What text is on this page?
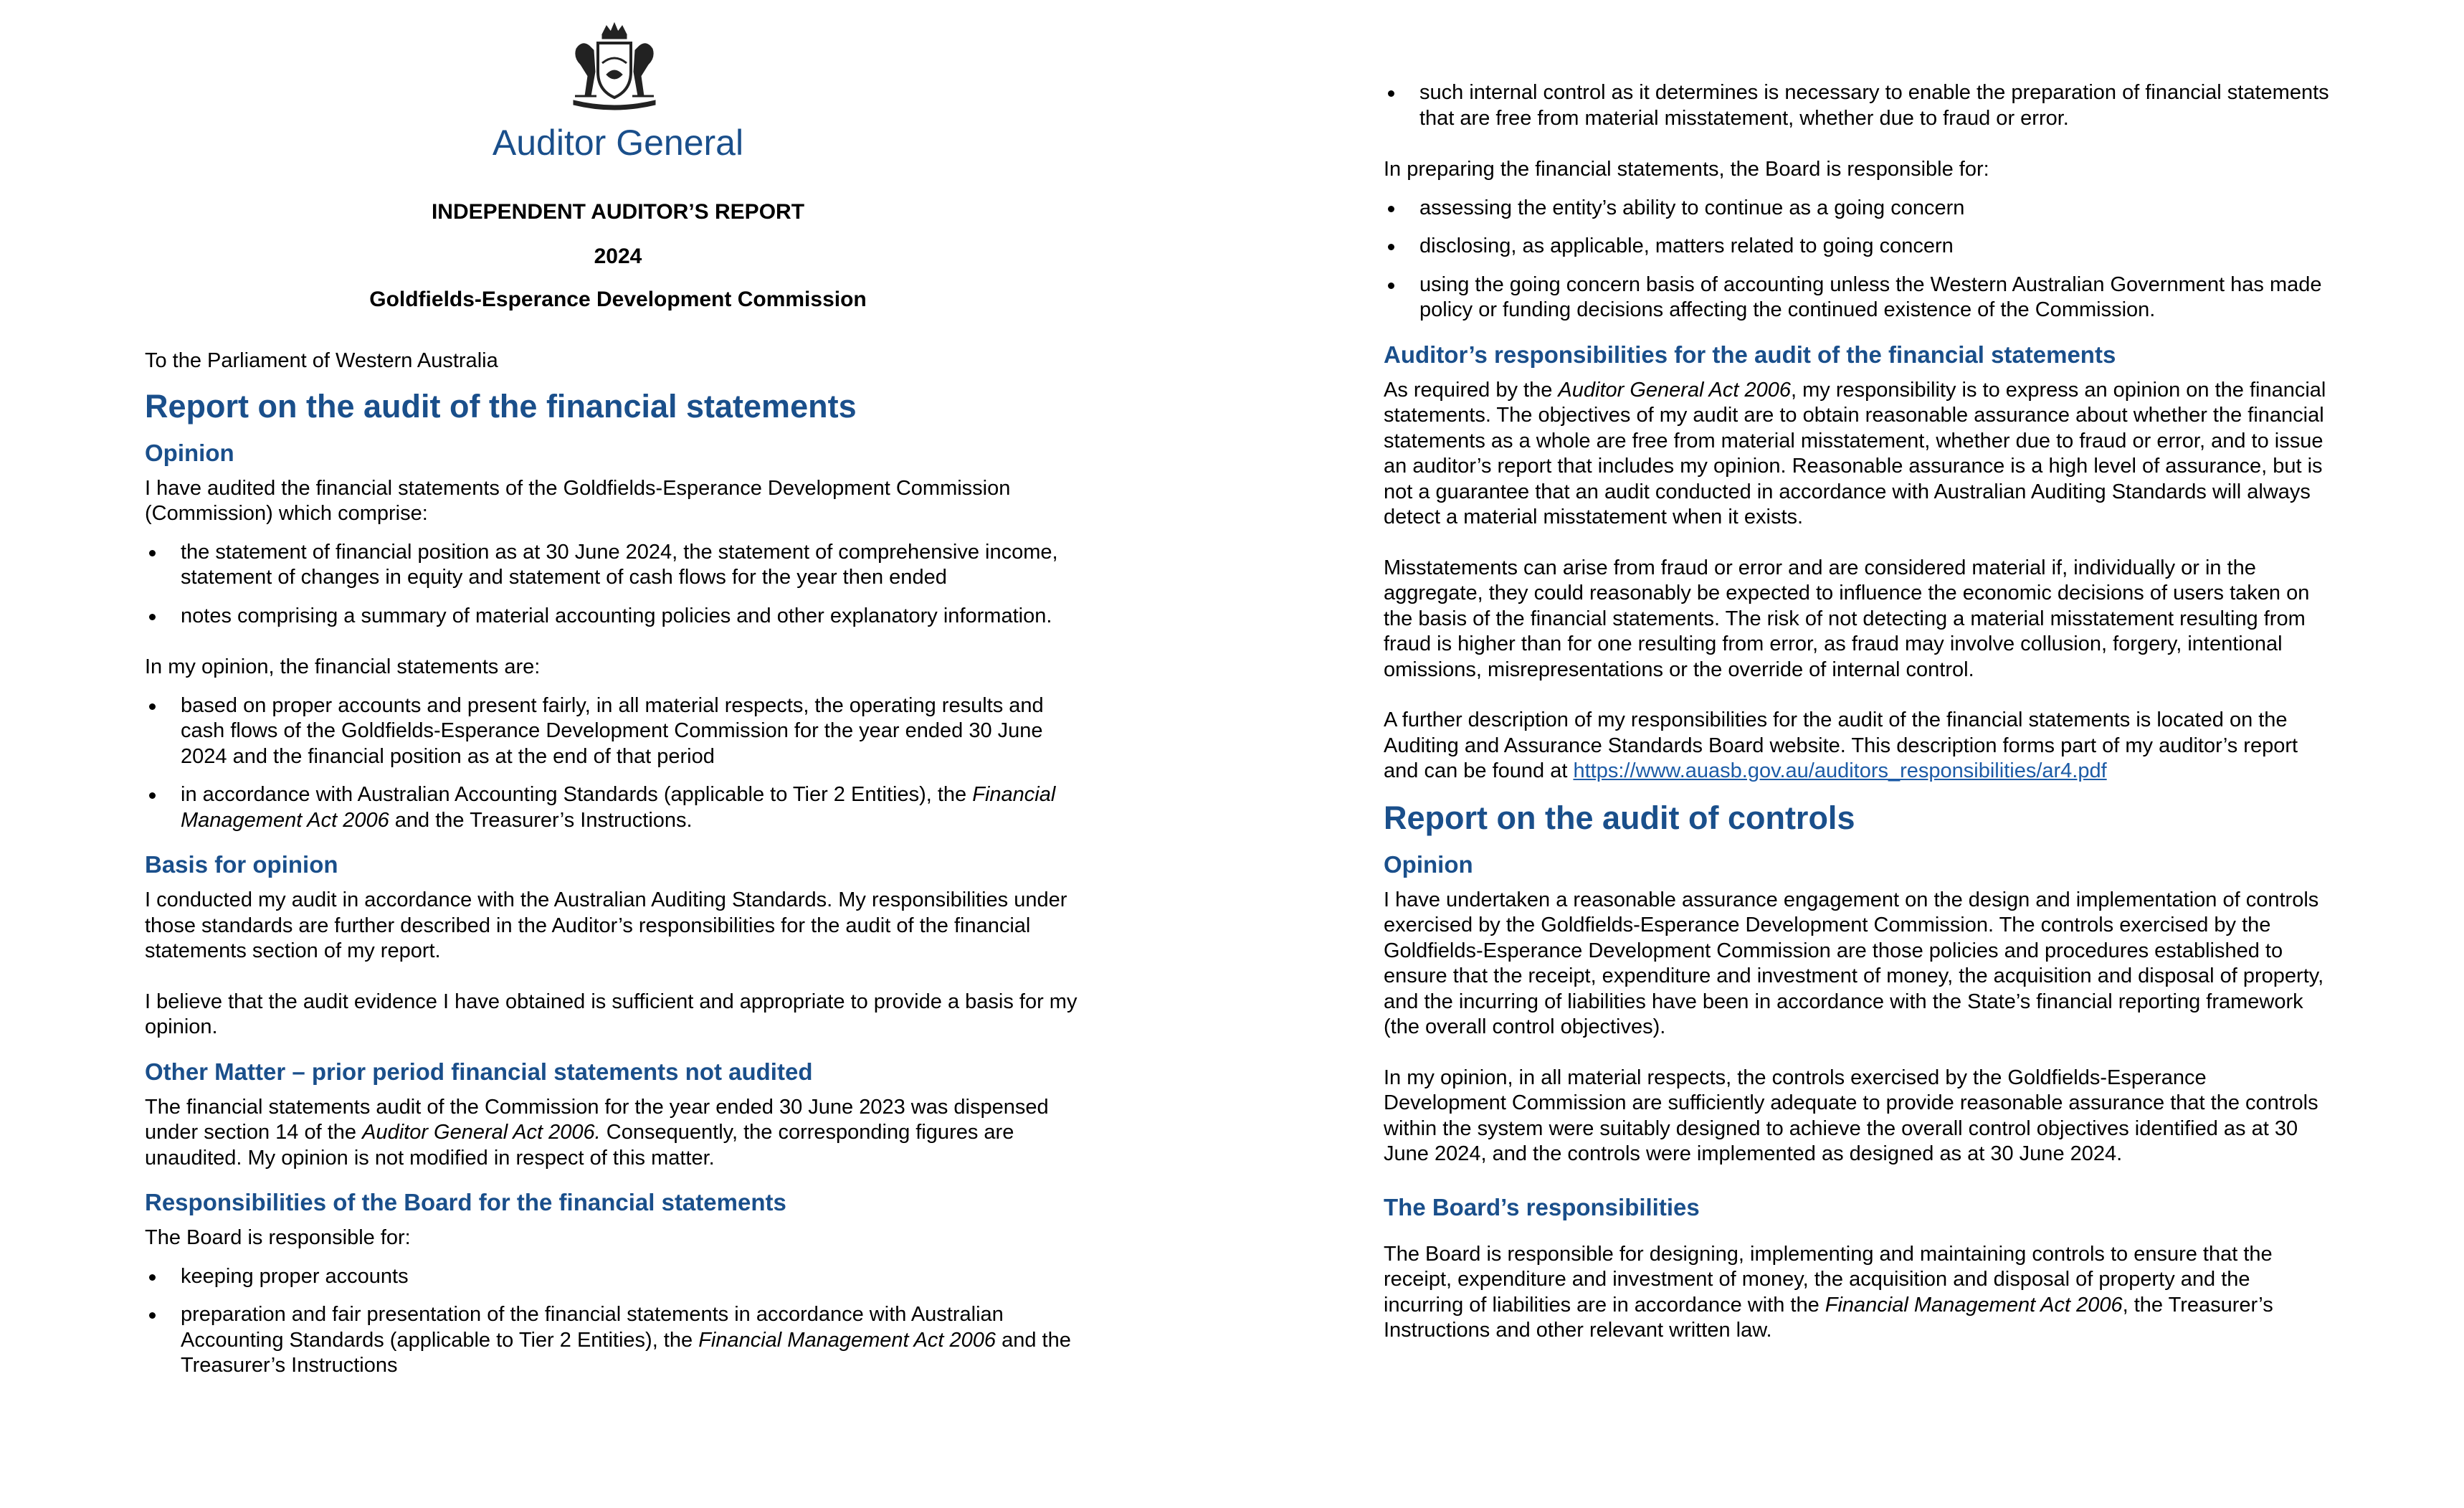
Auditor General
INDEPENDENT AUDITOR’S REPORT
2024
Goldfields-Esperance Development Commission

To the Parliament of Western Australia

Report on the audit of the financial statements
Opinion

I have audited the financial statements of the Goldfields-Esperance Development Commission (Commission) which comprise:

the statement of financial position as at 30 June 2024, the statement of comprehensive income, statement of changes in equity and statement of cash flows for the year then ended
notes comprising a summary of material accounting policies and other explanatory information.

In my opinion, the financial statements are:

based on proper accounts and present fairly, in all material respects, the operating results and cash flows of the Goldfields-Esperance Development Commission for the year ended 30 June 2024 and the financial position as at the end of that period
in accordance with Australian Accounting Standards (applicable to Tier 2 Entities), the Financial Management Act 2006 and the Treasurer’s Instructions.
Basis for opinion

I conducted my audit in accordance with the Australian Auditing Standards. My responsibilities under those standards are further described in the Auditor’s responsibilities for the audit of the financial statements section of my report.

I believe that the audit evidence I have obtained is sufficient and appropriate to provide a basis for my opinion.

Other Matter – prior period financial statements not audited

The financial statements audit of the Commission for the year ended 30 June 2023 was dispensed under section 14 of the Auditor General Act 2006. Consequently, the corresponding figures are unaudited. My opinion is not modified in respect of this matter.

Responsibilities of the Board for the financial statements

The Board is responsible for:

keeping proper accounts
preparation and fair presentation of the financial statements in accordance with Australian Accounting Standards (applicable to Tier 2 Entities), the Financial Management Act 2006 and the Treasurer’s Instructions
such internal control as it determines is necessary to enable the preparation of financial statements that are free from material misstatement, whether due to fraud or error.

In preparing the financial statements, the Board is responsible for:

assessing the entity’s ability to continue as a going concern
disclosing, as applicable, matters related to going concern
using the going concern basis of accounting unless the Western Australian Government has made policy or funding decisions affecting the continued existence of the Commission.
Auditor’s responsibilities for the audit of the financial statements

As required by the Auditor General Act 2006, my responsibility is to express an opinion on the financial statements. The objectives of my audit are to obtain reasonable assurance about whether the financial statements as a whole are free from material misstatement, whether due to fraud or error, and to issue an auditor’s report that includes my opinion. Reasonable assurance is a high level of assurance, but is not a guarantee that an audit conducted in accordance with Australian Auditing Standards will always detect a material misstatement when it exists.

Misstatements can arise from fraud or error and are considered material if, individually or in the aggregate, they could reasonably be expected to influence the economic decisions of users taken on the basis of the financial statements. The risk of not detecting a material misstatement resulting from fraud is higher than for one resulting from error, as fraud may involve collusion, forgery, intentional omissions, misrepresentations or the override of internal control.

A further description of my responsibilities for the audit of the financial statements is located on the Auditing and Assurance Standards Board website. This description forms part of my auditor’s report and can be found at https://www.auasb.gov.au/auditors_responsibilities/ar4.pdf

Report on the audit of controls
Opinion

I have undertaken a reasonable assurance engagement on the design and implementation of controls exercised by the Goldfields-Esperance Development Commission. The controls exercised by the Goldfields-Esperance Development Commission are those policies and procedures established to ensure that the receipt, expenditure and investment of money, the acquisition and disposal of property, and the incurring of liabilities have been in accordance with the State’s financial reporting framework (the overall control objectives).

In my opinion, in all material respects, the controls exercised by the Goldfields-Esperance Development Commission are sufficiently adequate to provide reasonable assurance that the controls within the system were suitably designed to achieve the overall control objectives identified as at 30 June 2024, and the controls were implemented as designed as at 30 June 2024.

The Board’s responsibilities

The Board is responsible for designing, implementing and maintaining controls to ensure that the receipt, expenditure and investment of money, the acquisition and disposal of property and the incurring of liabilities are in accordance with the Financial Management Act 2006, the Treasurer’s Instructions and other relevant written law.
